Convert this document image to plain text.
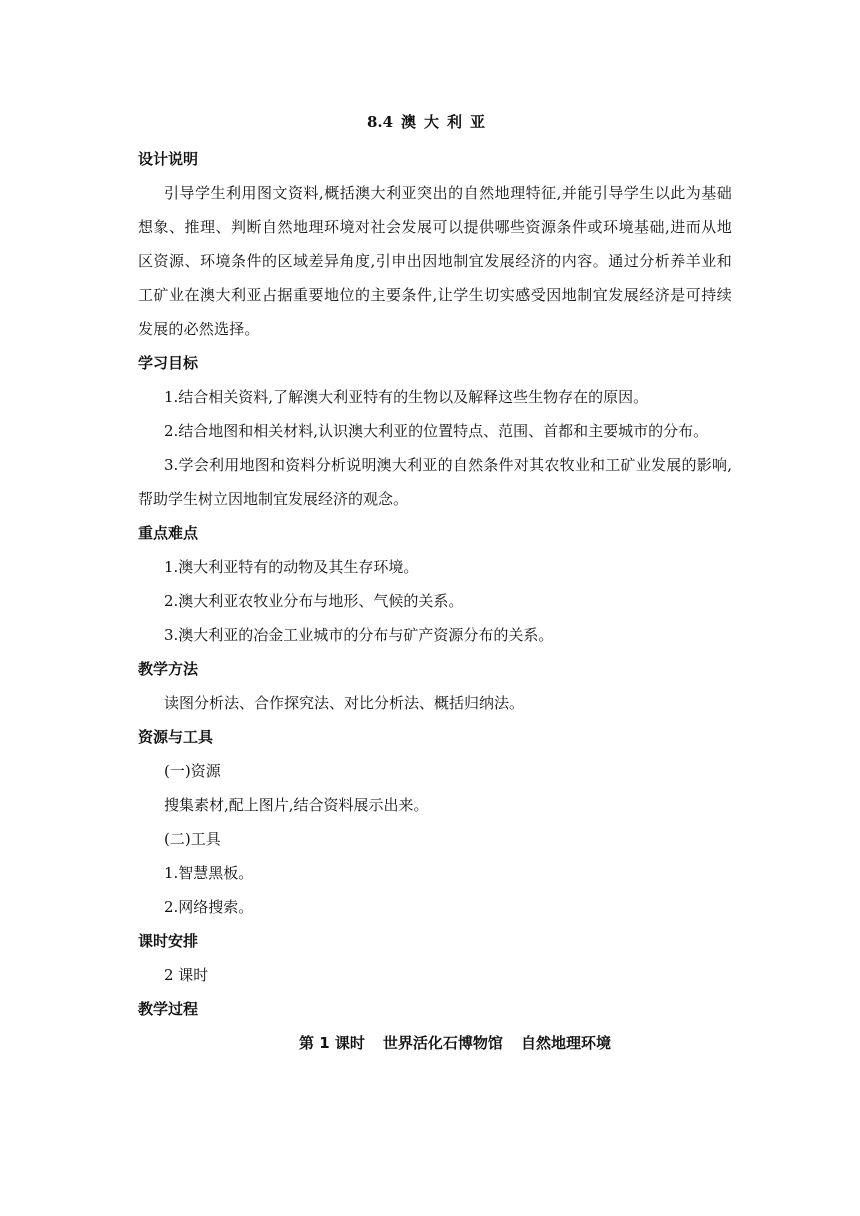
8.4 澳大利亚
设计说明
引导学生利用图文资料,概括澳大利亚突出的自然地理特征,并能引导学生以此为基础想象、推理、判断自然地理环境对社会发展可以提供哪些资源条件或环境基础,进而从地区资源、环境条件的区域差异角度,引申出因地制宜发展经济的内容。通过分析养羊业和工矿业在澳大利亚占据重要地位的主要条件,让学生切实感受因地制宜发展经济是可持续发展的必然选择。
学习目标
1.结合相关资料,了解澳大利亚特有的生物以及解释这些生物存在的原因。
2.结合地图和相关材料,认识澳大利亚的位置特点、范围、首都和主要城市的分布。
3.学会利用地图和资料分析说明澳大利亚的自然条件对其农牧业和工矿业发展的影响,帮助学生树立因地制宜发展经济的观念。
重点难点
1.澳大利亚特有的动物及其生存环境。
2.澳大利亚农牧业分布与地形、气候的关系。
3.澳大利亚的冶金工业城市的分布与矿产资源分布的关系。
教学方法
读图分析法、合作探究法、对比分析法、概括归纳法。
资源与工具
(一)资源
搜集素材,配上图片,结合资料展示出来。
(二)工具
1.智慧黑板。
2.网络搜索。
课时安排
2 课时
教学过程
第 1 课时 世界活化石博物馆 自然地理环境
